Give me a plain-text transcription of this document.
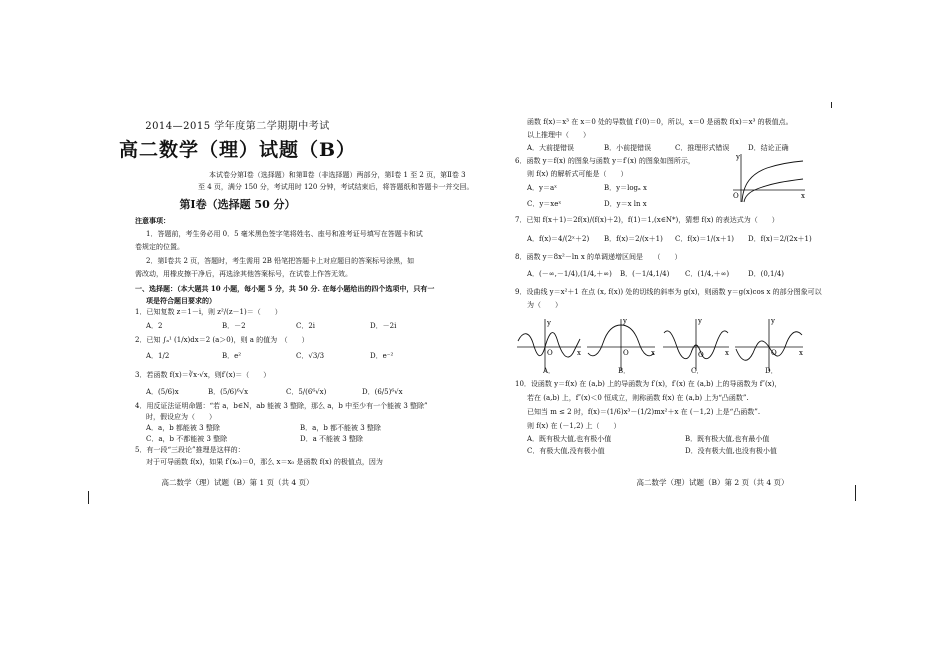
2014—2015 学年度第二学期期中考试
高二数学（理）试题（B）
本试卷分第Ⅰ卷（选择题）和第Ⅱ卷（非选择题）两部分，第Ⅰ卷 1 至 2 页，第Ⅱ卷 3
至 4 页，满分 150 分，考试用时 120 分钟，考试结束后，将答题纸和答题卡一并交回。
第Ⅰ卷（选择题 50 分）
注意事项：
1．答题前，考生务必用 0．5 毫米黑色签字笔将姓名、座号和准考证号填写在答题卡和试
卷规定的位置。
2．第Ⅰ卷共 2 页，答题时，考生需用 2B 铅笔把答题卡上对应题目的答案标号涂黑，如
需改动，用橡皮擦干净后，再选涂其他答案标号，在试卷上作答无效。
一、选择题：（本大题共 10 小题，每小题 5 分，共 50 分. 在每小题给出的四个选项中，只有一
项是符合题目要求的）
1．已知复数 z＝1－i，则 z²/(z－1)＝（　　）
A．2	B．－2	C．2i	D．－2i
2．已知 ∫ₐ¹ (1/x)dx＝2 (a＞0)，则 a 的值为　（　　）
A．1/2	B．e²	C．√3/3	D．e⁻²
3．若函数 f(x)＝∛x·√x，则f′(x)＝（　　）
A．(5/6)x	B．(5/6)⁶√x	C．5/(6⁶√x)	D．(6/5)⁶√x
4．用反证法证明命题：“若 a，b∈N，ab 能被 3 整除，那么 a，b 中至少有一个能被 3 整除”
时，假设应为（　　）
A．a，b 都能被 3 整除	B．a，b 都不能被 3 整除
C．a，b 不都能被 3 整除	D．a 不能被 3 整除
5．有一段“三段论”推理是这样的：
对于可导函数 f(x)，如果 f′(x₀)＝0，那么 x＝x₀ 是函数 f(x) 的极值点，因为
高二数学（理）试题（B）第 1 页（共 4 页）
函数 f(x)＝x³ 在 x＝0 处的导数值 f′(0)＝0，所以，x＝0 是函数 f(x)＝x³ 的极值点。
以上推理中（　　）
A．大前提错误	B．小前提错误	C．推理形式错误	D．结论正确
6．函数 y＝f(x) 的图象与函数 y＝f′(x) 的图象如图所示，
则 f(x) 的解析式可能是（　　）
A．y＝aˣ	B．y＝logₐ x
C．y＝xeˣ	D．y＝x ln x
y
x
O
7．已知 f(x＋1)＝2f(x)/(f(x)＋2)，f(1)＝1,(x∈N*)，猜想 f(x) 的表达式为（　　）
A．f(x)＝4/(2ˣ＋2) B．f(x)＝2/(x＋1) C．f(x)＝1/(x＋1) D．f(x)＝2/(2x＋1)
8．函数 y＝8x²－ln x 的单调递增区间是　　（　　）
A．(－∞,－1/4),(1/4,＋∞) B．(－1/4,1/4) C．(1/4,＋∞)	D．(0,1/4)
9．设曲线 y＝x²＋1 在点 (x, f(x)) 处的切线的斜率为 g(x)，则函数 y＝g(x)cos x 的部分图象可以
为（　　）
y
x
O
y
x
O
y
x
O
y
x
O
A．	B．	C．	D．
10．设函数 y＝f(x) 在 (a,b) 上的导函数为 f′(x)，f′(x) 在 (a,b) 上的导函数为 f″(x)，
若在 (a,b) 上，f″(x)＜0 恒成立，则称函数 f(x) 在 (a,b) 上为“凸函数”.
已知当 m ≤ 2 时，f(x)＝(1/6)x³－(1/2)mx²＋x 在 (－1,2) 上是“凸函数”.
则 f(x) 在 (－1,2) 上（　　）
A．既有极大值,也有极小值	B．既有极大值,也有最小值
C．有极大值,没有极小值	D．没有极大值,也没有极小值
高二数学（理）试题（B）第 2 页（共 4 页）
